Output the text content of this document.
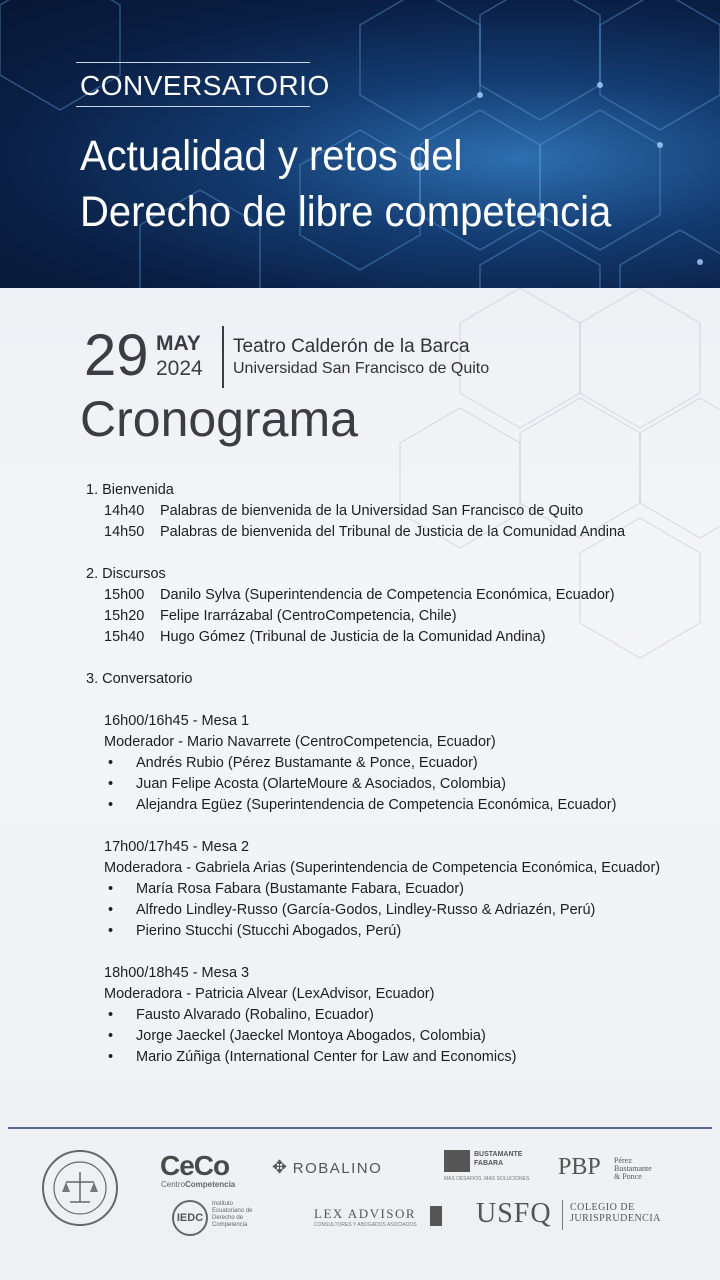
CONVERSATORIO
Actualidad y retos del
Derecho de libre competencia
29 MAY
2024
Teatro Calderón de la Barca
Universidad San Francisco de Quito
Cronograma
1. Bienvenida
14h40	Palabras de bienvenida de la Universidad San Francisco de Quito
14h50	Palabras de bienvenida del Tribunal de Justicia de la Comunidad Andina
2. Discursos
15h00	Danilo Sylva (Superintendencia de Competencia Económica, Ecuador)
15h20	Felipe Irarrázabal (CentroCompetencia, Chile)
15h40	Hugo Gómez (Tribunal de Justicia de la Comunidad Andina)
3. Conversatorio
16h00/16h45 - Mesa 1
Moderador - Mario Navarrete (CentroCompetencia, Ecuador)
•	Andrés Rubio (Pérez Bustamante & Ponce, Ecuador)
•	Juan Felipe Acosta (OlarteMoure & Asociados, Colombia)
•	Alejandra Egüez (Superintendencia de Competencia Económica, Ecuador)
17h00/17h45 - Mesa 2
Moderadora - Gabriela Arias (Superintendencia de Competencia Económica, Ecuador)
•	María Rosa Fabara (Bustamante Fabara, Ecuador)
•	Alfredo Lindley-Russo (García-Godos, Lindley-Russo & Adriazén, Perú)
•	Pierino Stucchi (Stucchi Abogados, Perú)
18h00/18h45 - Mesa 3
Moderadora - Patricia Alvear (LexAdvisor, Ecuador)
•	Fausto Alvarado (Robalino, Ecuador)
•	Jorge Jaeckel (Jaeckel Montoya Abogados, Colombia)
•	Mario Zúñiga (International Center for Law and Economics)
CeCo
CentroCompetencia
✥ ROBALINO
BUSTAMANTE
FABARA
MÁS DESAFÍOS. MÁS SOLUCIONES PBP Pérez
Bustamante
& Ponce
IEDC
Instituto
Ecuatoriano de
Derecho de
Competencia
LEX ADVISOR
CONSULTORES Y ABOGADOS ASOCIADOS USFQ COLEGIO DE
JURISPRUDENCIA
